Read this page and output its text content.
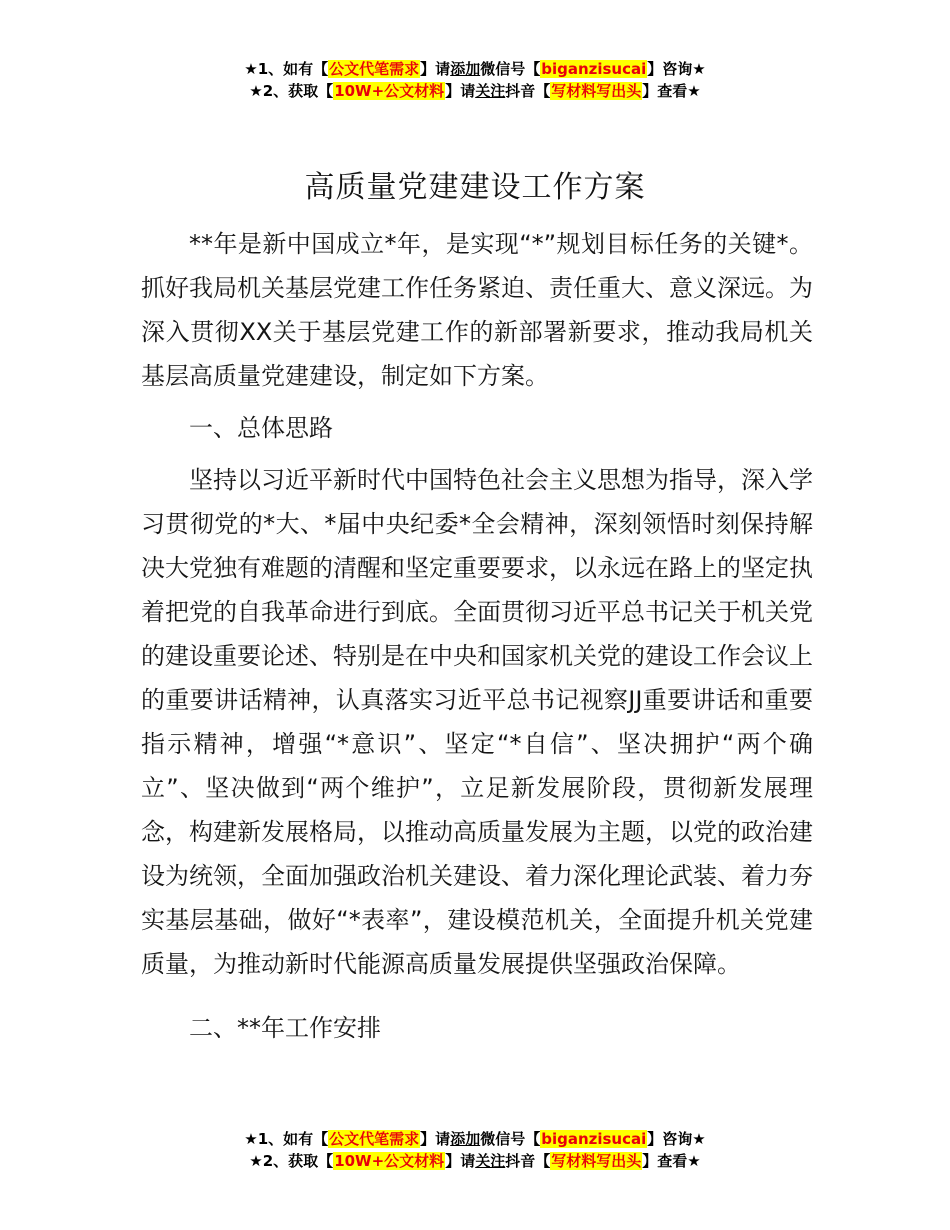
★1、如有【公文代笔需求】请添加微信号【biganzisucai】咨询★
★2、获取【10W+公文材料】请关注抖音【写材料写出头】查看★
高质量党建建设工作方案

**年是新中国成立*年，是实现“*”规划目标任务的关键*。抓好我局机关基层党建工作任务紧迫、责任重大、意义深远。为深入贯彻XX关于基层党建工作的新部署新要求，推动我局机关基层高质量党建建设，制定如下方案。

一、总体思路

坚持以习近平新时代中国特色社会主义思想为指导，深入学习贯彻党的*大、*届中央纪委*全会精神，深刻领悟时刻保持解决大党独有难题的清醒和坚定重要要求，以永远在路上的坚定执着把党的自我革命进行到底。全面贯彻习近平总书记关于机关党的建设重要论述、特别是在中央和国家机关党的建设工作会议上的重要讲话精神，认真落实习近平总书记视察JJ重要讲话和重要指示精神，增强“*意识”、坚定“*自信”、坚决拥护“两个确立”、坚决做到“两个维护”，立足新发展阶段，贯彻新发展理念，构建新发展格局，以推动高质量发展为主题，以党的政治建设为统领，全面加强政治机关建设、着力深化理论武装、着力夯实基层基础，做好“*表率”，建设模范机关，全面提升机关党建质量，为推动新时代能源高质量发展提供坚强政治保障。

二、**年工作安排

★1、如有【公文代笔需求】请添加微信号【biganzisucai】咨询★
★2、获取【10W+公文材料】请关注抖音【写材料写出头】查看★
